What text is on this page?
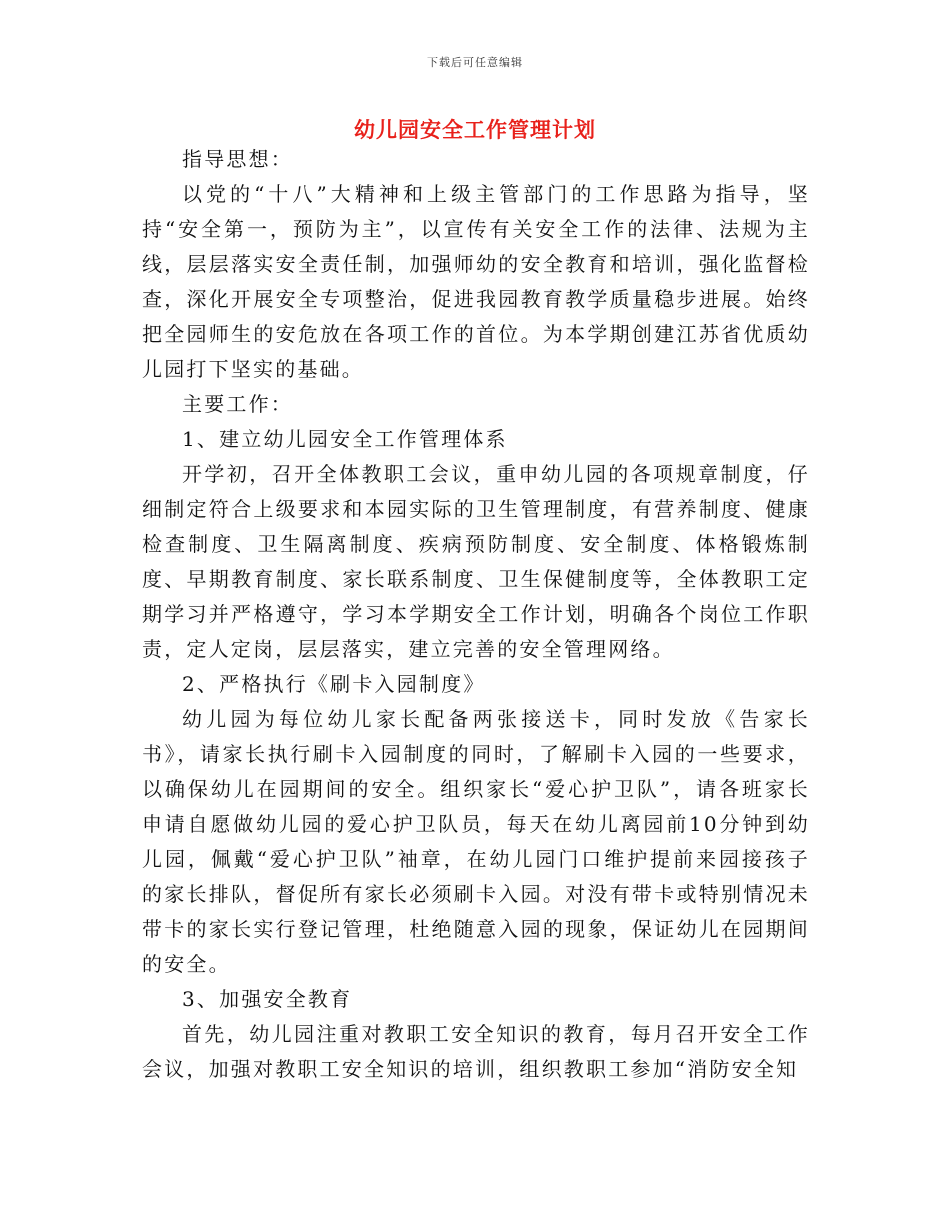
下载后可任意编辑
幼儿园安全工作管理计划

指导思想：

以党的“十八”大精神和上级主管部门的工作思路为指导，坚持“安全第一，预防为主”，以宣传有关安全工作的法律、法规为主线，层层落实安全责任制，加强师幼的安全教育和培训，强化监督检查，深化开展安全专项整治，促进我园教育教学质量稳步进展。始终把全园师生的安危放在各项工作的首位。为本学期创建江苏省优质幼儿园打下坚实的基础。

主要工作：

1、建立幼儿园安全工作管理体系

开学初，召开全体教职工会议，重申幼儿园的各项规章制度，仔细制定符合上级要求和本园实际的卫生管理制度，有营养制度、健康检查制度、卫生隔离制度、疾病预防制度、安全制度、体格锻炼制度、早期教育制度、家长联系制度、卫生保健制度等，全体教职工定期学习并严格遵守，学习本学期安全工作计划，明确各个岗位工作职责，定人定岗，层层落实，建立完善的安全管理网络。

2、严格执行《刷卡入园制度》

幼儿园为每位幼儿家长配备两张接送卡，同时发放《告家长书》，请家长执行刷卡入园制度的同时，了解刷卡入园的一些要求，以确保幼儿在园期间的安全。组织家长“爱心护卫队”，请各班家长申请自愿做幼儿园的爱心护卫队员，每天在幼儿离园前10分钟到幼儿园，佩戴“爱心护卫队”袖章，在幼儿园门口维护提前来园接孩子的家长排队，督促所有家长必须刷卡入园。对没有带卡或特别情况未带卡的家长实行登记管理，杜绝随意入园的现象，保证幼儿在园期间的安全。

3、加强安全教育

首先，幼儿园注重对教职工安全知识的教育，每月召开安全工作会议，加强对教职工安全知识的培训，组织教职工参加“消防安全知
